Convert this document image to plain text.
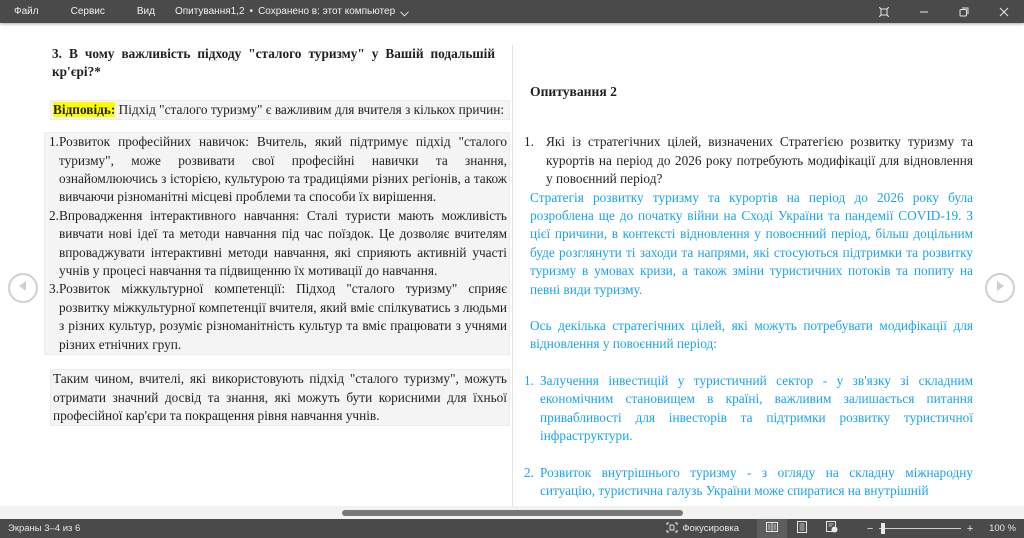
Файл	Сервис	Вид Опитування1,2 • Сохранено в: этот компьютер
3. В чому важливість підходу "сталого туризму" у Вашій подальшій кр'єрі?*
Відповідь: Підхід "сталого туризму" є важливим для вчителя з кількох причин:
1. Розвиток професійних навичок: Вчитель, який підтримує підхід "сталого туризму", може розвивати свої професійні навички та знання, ознайомлюючись з історією, культурою та традиціями різних регіонів, а також вивчаючи різноманітні місцеві проблеми та способи їх вирішення.
2. Впровадження інтерактивного навчання: Сталі туристи мають можливість вивчати нові ідеї та методи навчання під час поїздок. Це дозволяє вчителям впроваджувати інтерактивні методи навчання, які сприяють активній участі учнів у процесі навчання та підвищенню їх мотивації до навчання.
3. Розвиток міжкультурної компетенції: Підход "сталого туризму" сприяє розвитку міжкультурної компетенції вчителя, який вміє спілкуватись з людьми з різних культур, розуміє різноманітність культур та вміє працювати з учнями різних етнічних груп.
Таким чином, вчителі, які використовують підхід "сталого туризму", можуть отримати значний досвід та знання, які можуть бути корисними для їхньої професійної кар'єри та покращення рівня навчання учнів.
Опитування 2
1. Які із стратегічних цілей, визначених Стратегією розвитку туризму та курортів на період до 2026 року потребують модифікації для відновлення у повоєнний період?
Стратегія розвитку туризму та курортів на період до 2026 року була розроблена ще до початку війни на Сході України та пандемії COVID-19. З цієї причини, в контексті відновлення у повоєнний період, більш доцільним буде розглянути ті заходи та напрями, які стосуються підтримки та розвитку туризму в умовах кризи, а також зміни туристичних потоків та попиту на певні види туризму.
Ось декілька стратегічних цілей, які можуть потребувати модифікації для відновлення у повоєнний період:
1. Залучення інвестицій у туристичний сектор - у зв'язку зі складним економічним становищем в країні, важливим залишається питання привабливості для інвесторів та підтримки розвитку туристичної інфраструктури.
2. Розвиток внутрішнього туризму - з огляду на складну міжнародну ситуацію, туристична галузь України може спиратися на внутрішній
Экраны 3–4 из 6	Фокусировка	−	+ 100 %
